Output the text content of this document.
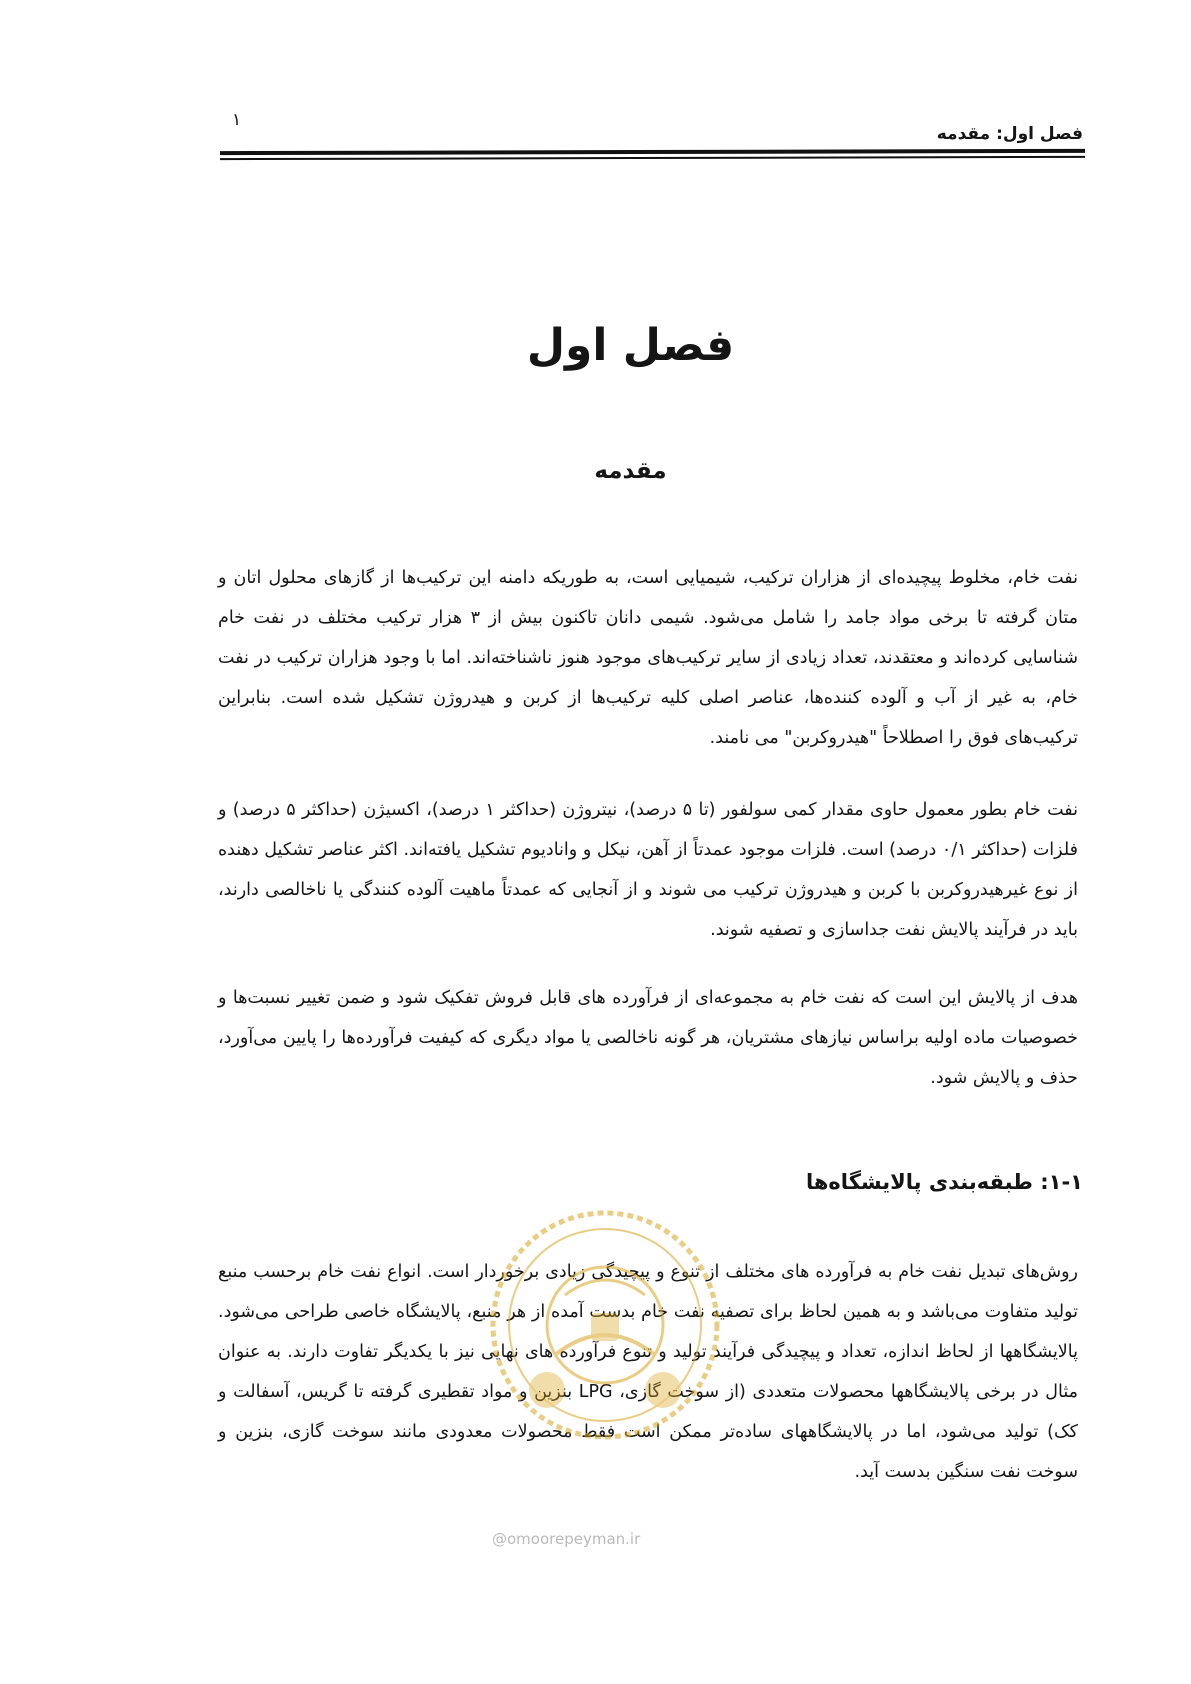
فصل اول: مقدمه
۱
فصل اول
مقدمه

نفت خام، مخلوط پیچیده‌ای از هزاران ترکیب، شیمیایی است، به طوریکه دامنه این ترکیب‌ها از گازهای محلول اتان و متان گرفته تا برخی مواد جامد را شامل می‌شود. شیمی دانان تاکنون بیش از ۳ هزار ترکیب مختلف در نفت خام شناسایی کرده‌اند و معتقدند، تعداد زیادی از سایر ترکیب‌های موجود هنوز ناشناخته‌اند. اما با وجود هزاران ترکیب در نفت خام، به غیر از آب و آلوده کننده‌ها، عناصر اصلی کلیه ترکیب‌ها از کربن و هیدروژن تشکیل شده است. بنابراین ترکیب‌های فوق را اصطلاحاً "هیدروکربن" می نامند.

نفت خام بطور معمول حاوی مقدار کمی سولفور (تا ۵ درصد)، نیتروژن (حداکثر ۱ درصد)، اکسیژن (حداکثر ۵ درصد) و فلزات (حداکثر ۰/۱ درصد) است. فلزات موجود عمدتاً از آهن، نیکل و وانادیوم تشکیل یافته‌اند. اکثر عناصر تشکیل دهنده از نوع غیرهیدروکربن با کربن و هیدروژن ترکیب می شوند و از آنجایی که عمدتاً ماهیت آلوده کنندگی یا ناخالصی دارند، باید در فرآیند پالایش نفت جداسازی و تصفیه شوند.

هدف از پالایش این است که نفت خام به مجموعه‌ای از فرآورده های قابل فروش تفکیک شود و ضمن تغییر نسبت‌ها و خصوصیات ماده اولیه براساس نیازهای مشتریان، هر گونه ناخالصی یا مواد دیگری که کیفیت فرآورده‌ها را پایین می‌آورد، حذف و پالایش شود.

۱-۱: طبقه‌بندی پالایشگاه‌ها

روش‌های تبدیل نفت خام به فرآورده های مختلف از تنوع و پیچیدگی زیادی برخوردار است. انواع نفت خام برحسب منبع تولید متفاوت می‌باشد و به همین لحاظ برای تصفیه نفت خام بدست آمده از هر منبع، پالایشگاه خاصی طراحی می‌شود. پالایشگاهها از لحاظ اندازه، تعداد و پیچیدگی فرآیند تولید و تنوع فرآورده های نهایی نیز با یکدیگر تفاوت دارند. به عنوان مثال در برخی پالایشگاهها محصولات متعددی (از سوخت گازی، LPG بنزین و مواد تقطیری گرفته تا گریس، آسفالت و کک) تولید می‌شود، اما در پالایشگاههای ساده‌تر ممکن است فقط محصولات معدودی مانند سوخت گازی، بنزین و سوخت نفت سنگین بدست آید.

@omoorepeyman.ir
